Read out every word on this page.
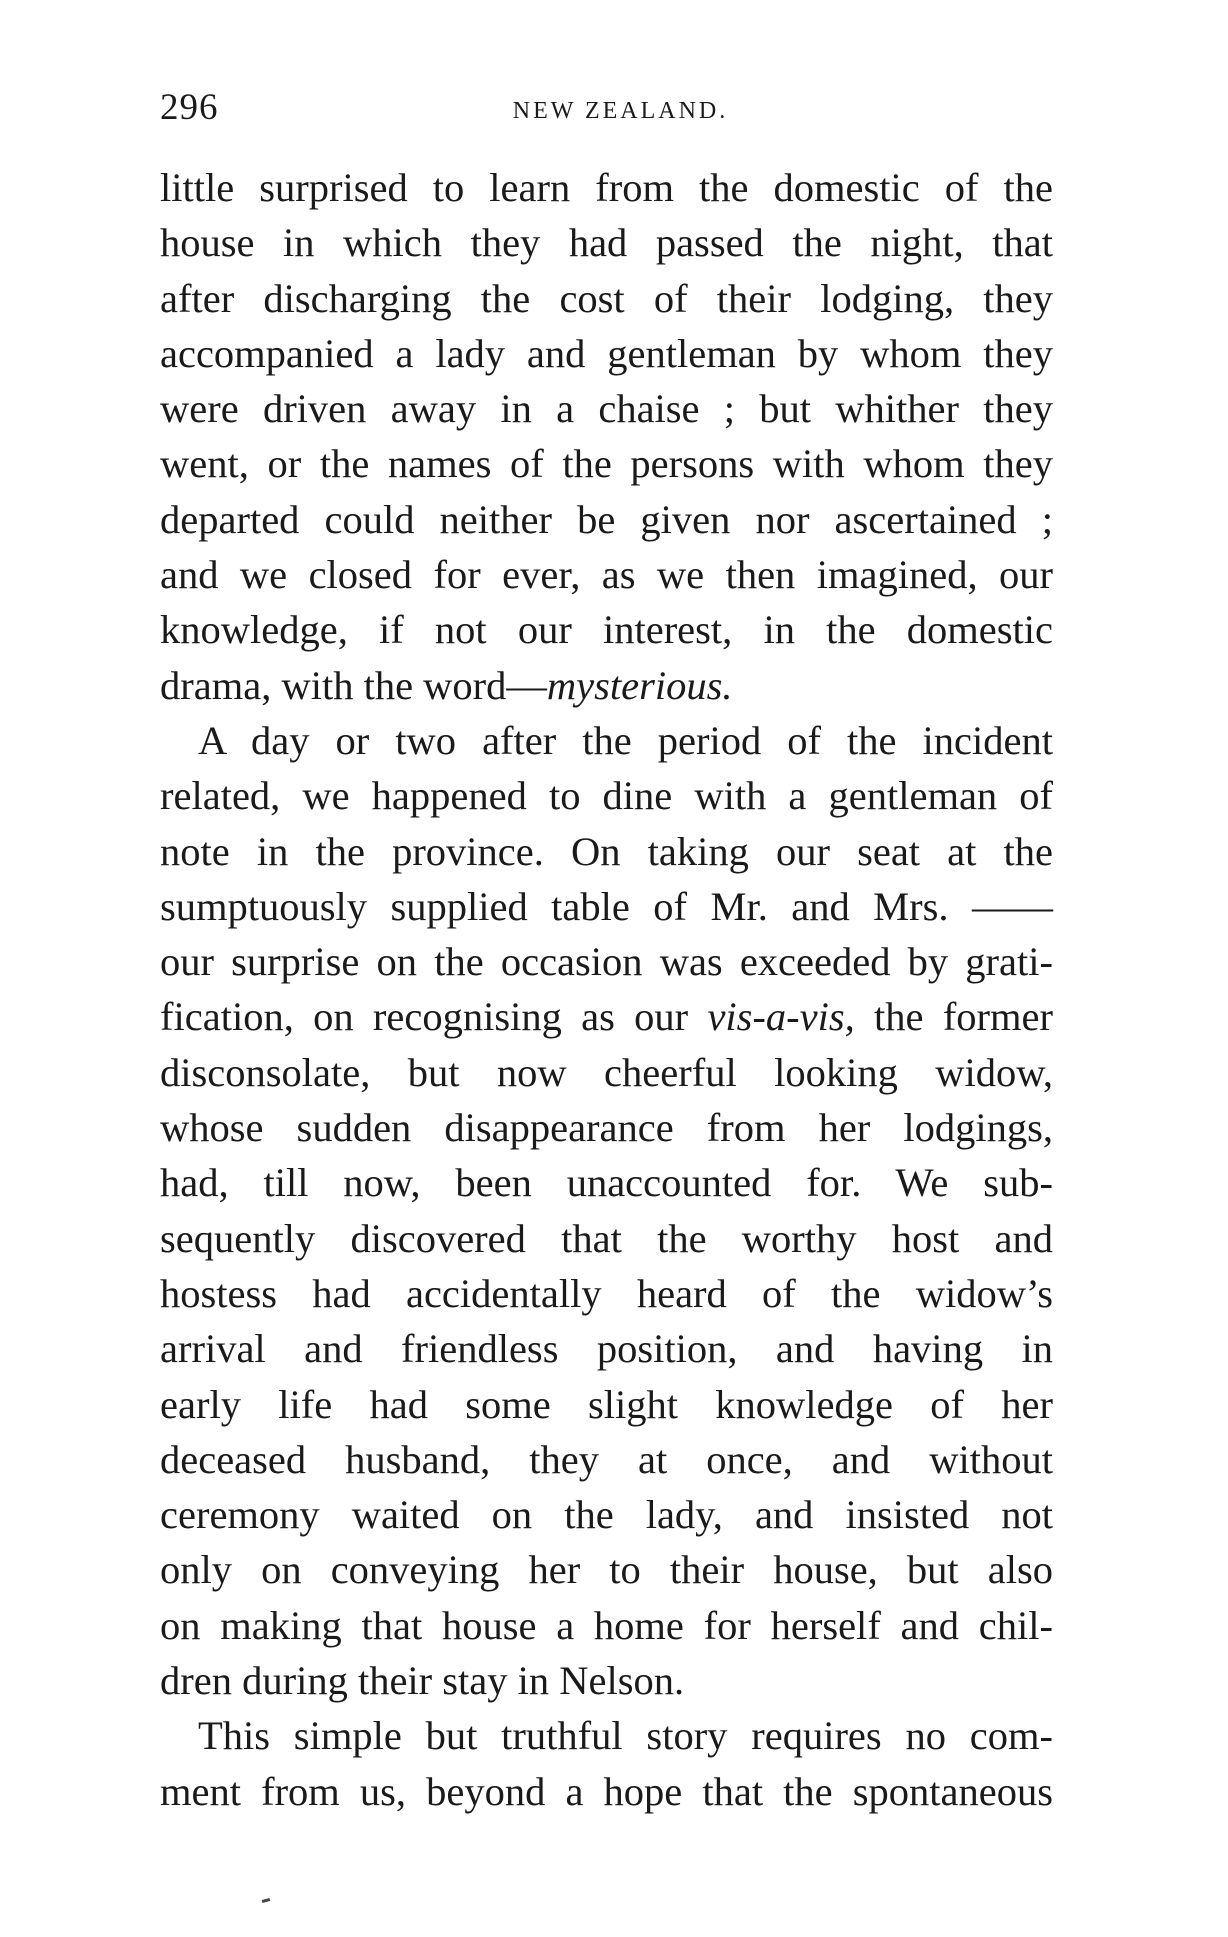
296	NEW ZEALAND.
little surprised to learn from the domestic of the
house in which they had passed the night, that
after discharging the cost of their lodging, they
accompanied a lady and gentleman by whom they
were driven away in a chaise ; but whither they
went, or the names of the persons with whom they
departed could neither be given nor ascertained ;
and we closed for ever, as we then imagined, our
knowledge, if not our interest, in the domestic
drama, with the word—mysterious.
A day or two after the period of the incident
related, we happened to dine with a gentleman of
note in the province. On taking our seat at the
sumptuously supplied table of Mr. and Mrs. ——
our surprise on the occasion was exceeded by grati-
fication, on recognising as our vis-a-vis, the former
disconsolate, but now cheerful looking widow,
whose sudden disappearance from her lodgings,
had, till now, been unaccounted for. We sub-
sequently discovered that the worthy host and
hostess had accidentally heard of the widow’s
arrival and friendless position, and having in
early life had some slight knowledge of her
deceased husband, they at once, and without
ceremony waited on the lady, and insisted not
only on conveying her to their house, but also
on making that house a home for herself and chil-
dren during their stay in Nelson.
This simple but truthful story requires no com-
ment from us, beyond a hope that the spontaneous
